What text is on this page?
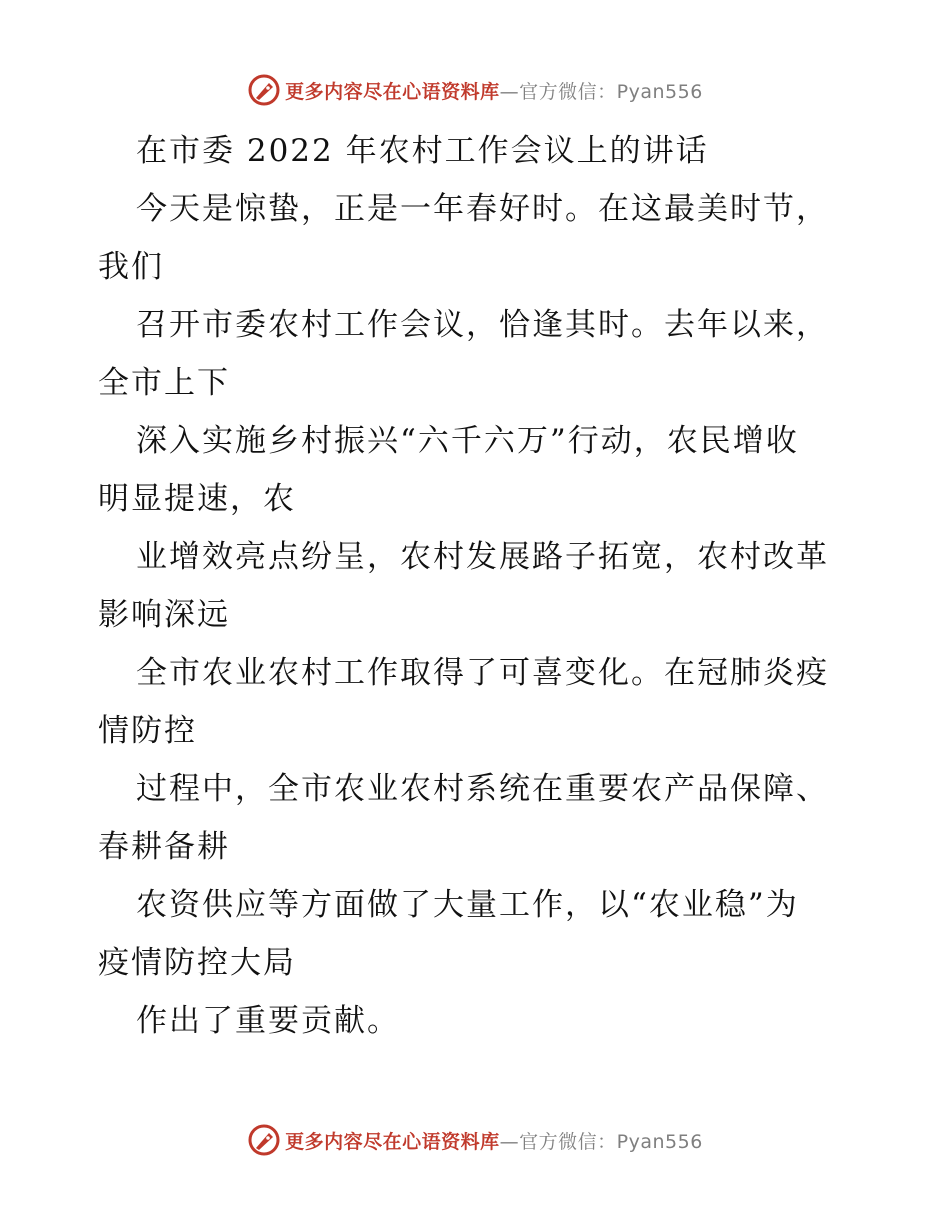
更多内容尽在心语资料库—官方微信：Pyan556
在市委 2022 年农村工作会议上的讲话
今天是惊蛰，正是一年春好时。在这最美时节，
我们
召开市委农村工作会议，恰逢其时。去年以来，
全市上下
深入实施乡村振兴“六千六万”行动，农民增收
明显提速，农
业增效亮点纷呈，农村发展路子拓宽，农村改革
影响深远
全市农业农村工作取得了可喜变化。在冠肺炎疫
情防控
过程中，全市农业农村系统在重要农产品保障、
春耕备耕
农资供应等方面做了大量工作，以“农业稳”为
疫情防控大局
作出了重要贡献。
更多内容尽在心语资料库—官方微信：Pyan556
